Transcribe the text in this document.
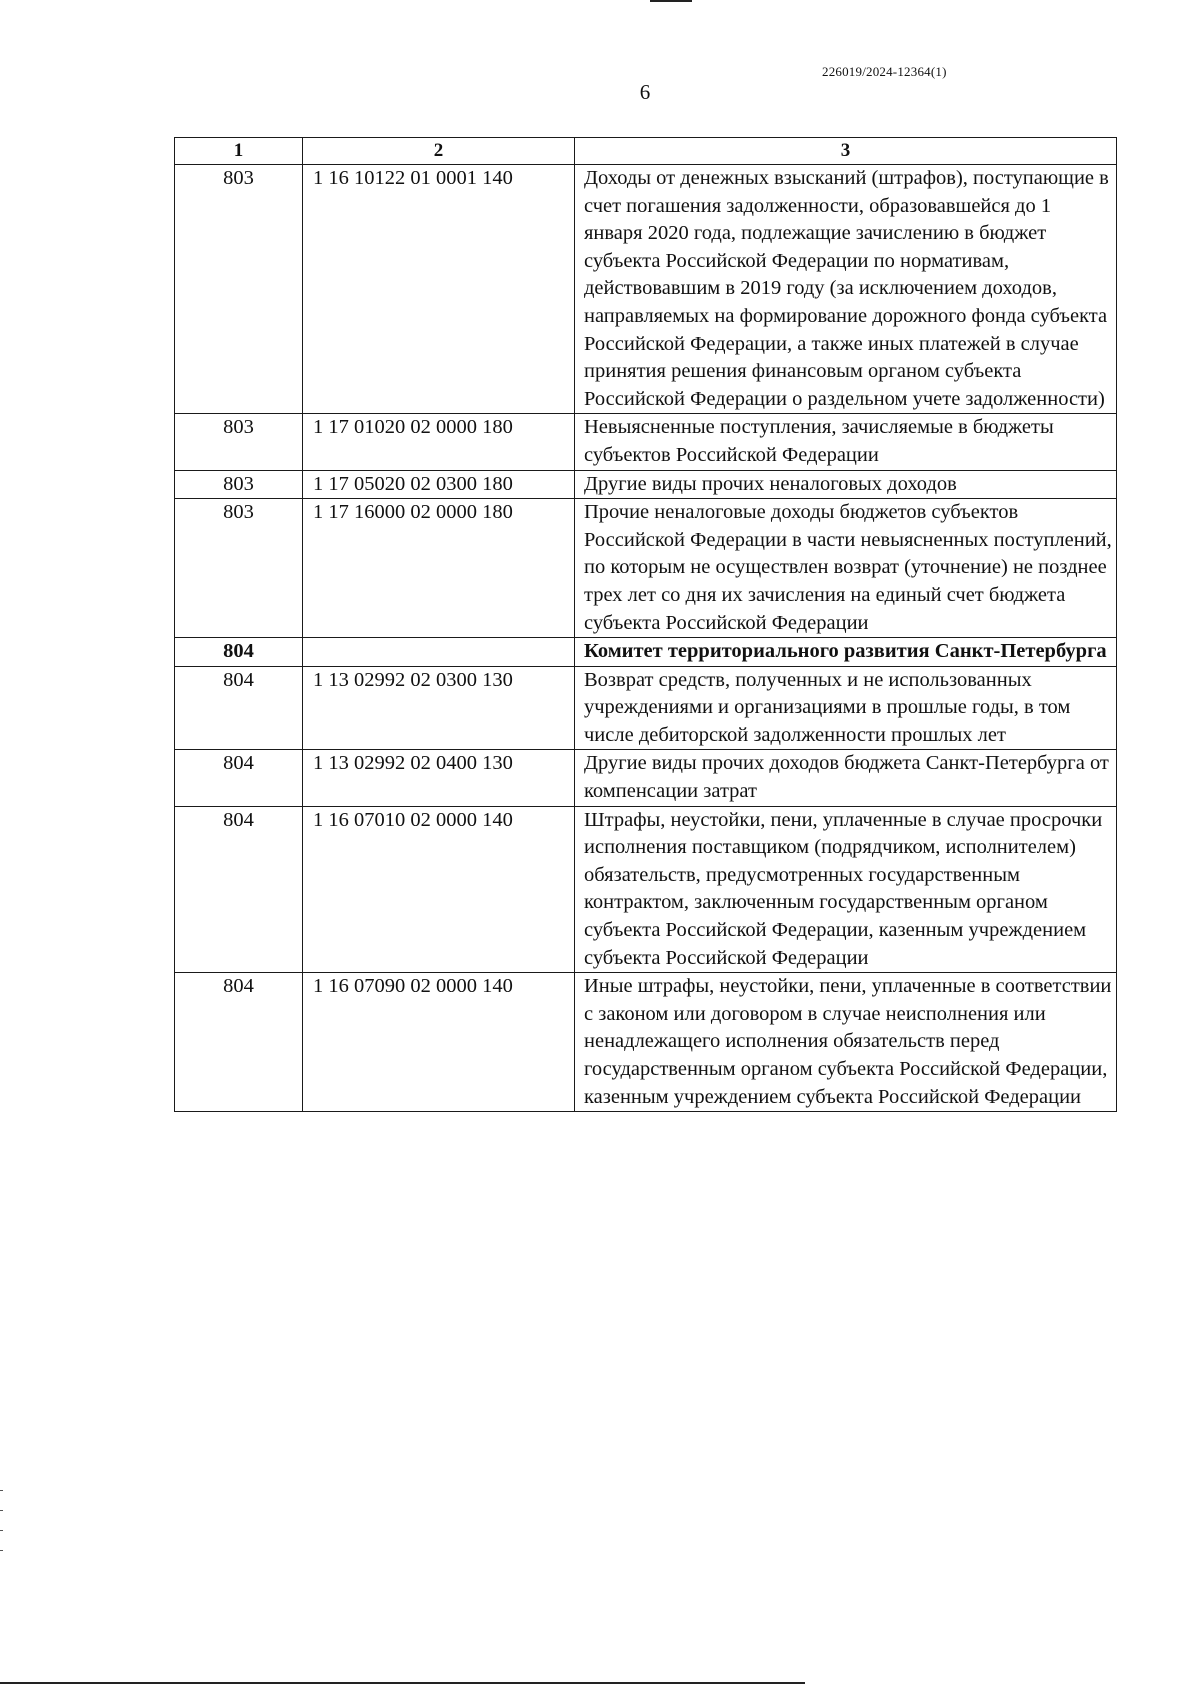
226019/2024-12364(1)
6
1	2	3
803	1 16 10122 01 0001 140	Доходы от денежных взысканий (штрафов), поступающие в счет погашения задолженности, образовавшейся до 1 января 2020 года, подлежащие зачислению в бюджет субъекта Российской Федерации по нормативам, действовавшим в 2019 году (за исключением доходов, направляемых на формирование дорожного фонда субъекта Российской Федерации, а также иных платежей в случае принятия решения финансовым органом субъекта Российской Федерации о раздельном учете задолженности)
803	1 17 01020 02 0000 180	Невыясненные поступления, зачисляемые в бюджеты субъектов Российской Федерации
803	1 17 05020 02 0300 180	Другие виды прочих неналоговых доходов
803	1 17 16000 02 0000 180	Прочие неналоговые доходы бюджетов субъектов Российской Федерации в части невыясненных поступлений, по которым не осуществлен возврат (уточнение) не позднее трех лет со дня их зачисления на единый счет бюджета субъекта Российской Федерации
804		Комитет территориального развития Санкт-Петербурга
804	1 13 02992 02 0300 130	Возврат средств, полученных и не использованных учреждениями и организациями в прошлые годы, в том числе дебиторской задолженности прошлых лет
804	1 13 02992 02 0400 130	Другие виды прочих доходов бюджета Санкт-Петербурга от компенсации затрат
804	1 16 07010 02 0000 140	Штрафы, неустойки, пени, уплаченные в случае просрочки исполнения поставщиком (подрядчиком, исполнителем) обязательств, предусмотренных государственным контрактом, заключенным государственным органом субъекта Российской Федерации, казенным учреждением субъекта Российской Федерации
804	1 16 07090 02 0000 140	Иные штрафы, неустойки, пени, уплаченные в соответствии с законом или договором в случае неисполнения или ненадлежащего исполнения обязательств перед государственным органом субъекта Российской Федерации, казенным учреждением субъекта Российской Федерации
